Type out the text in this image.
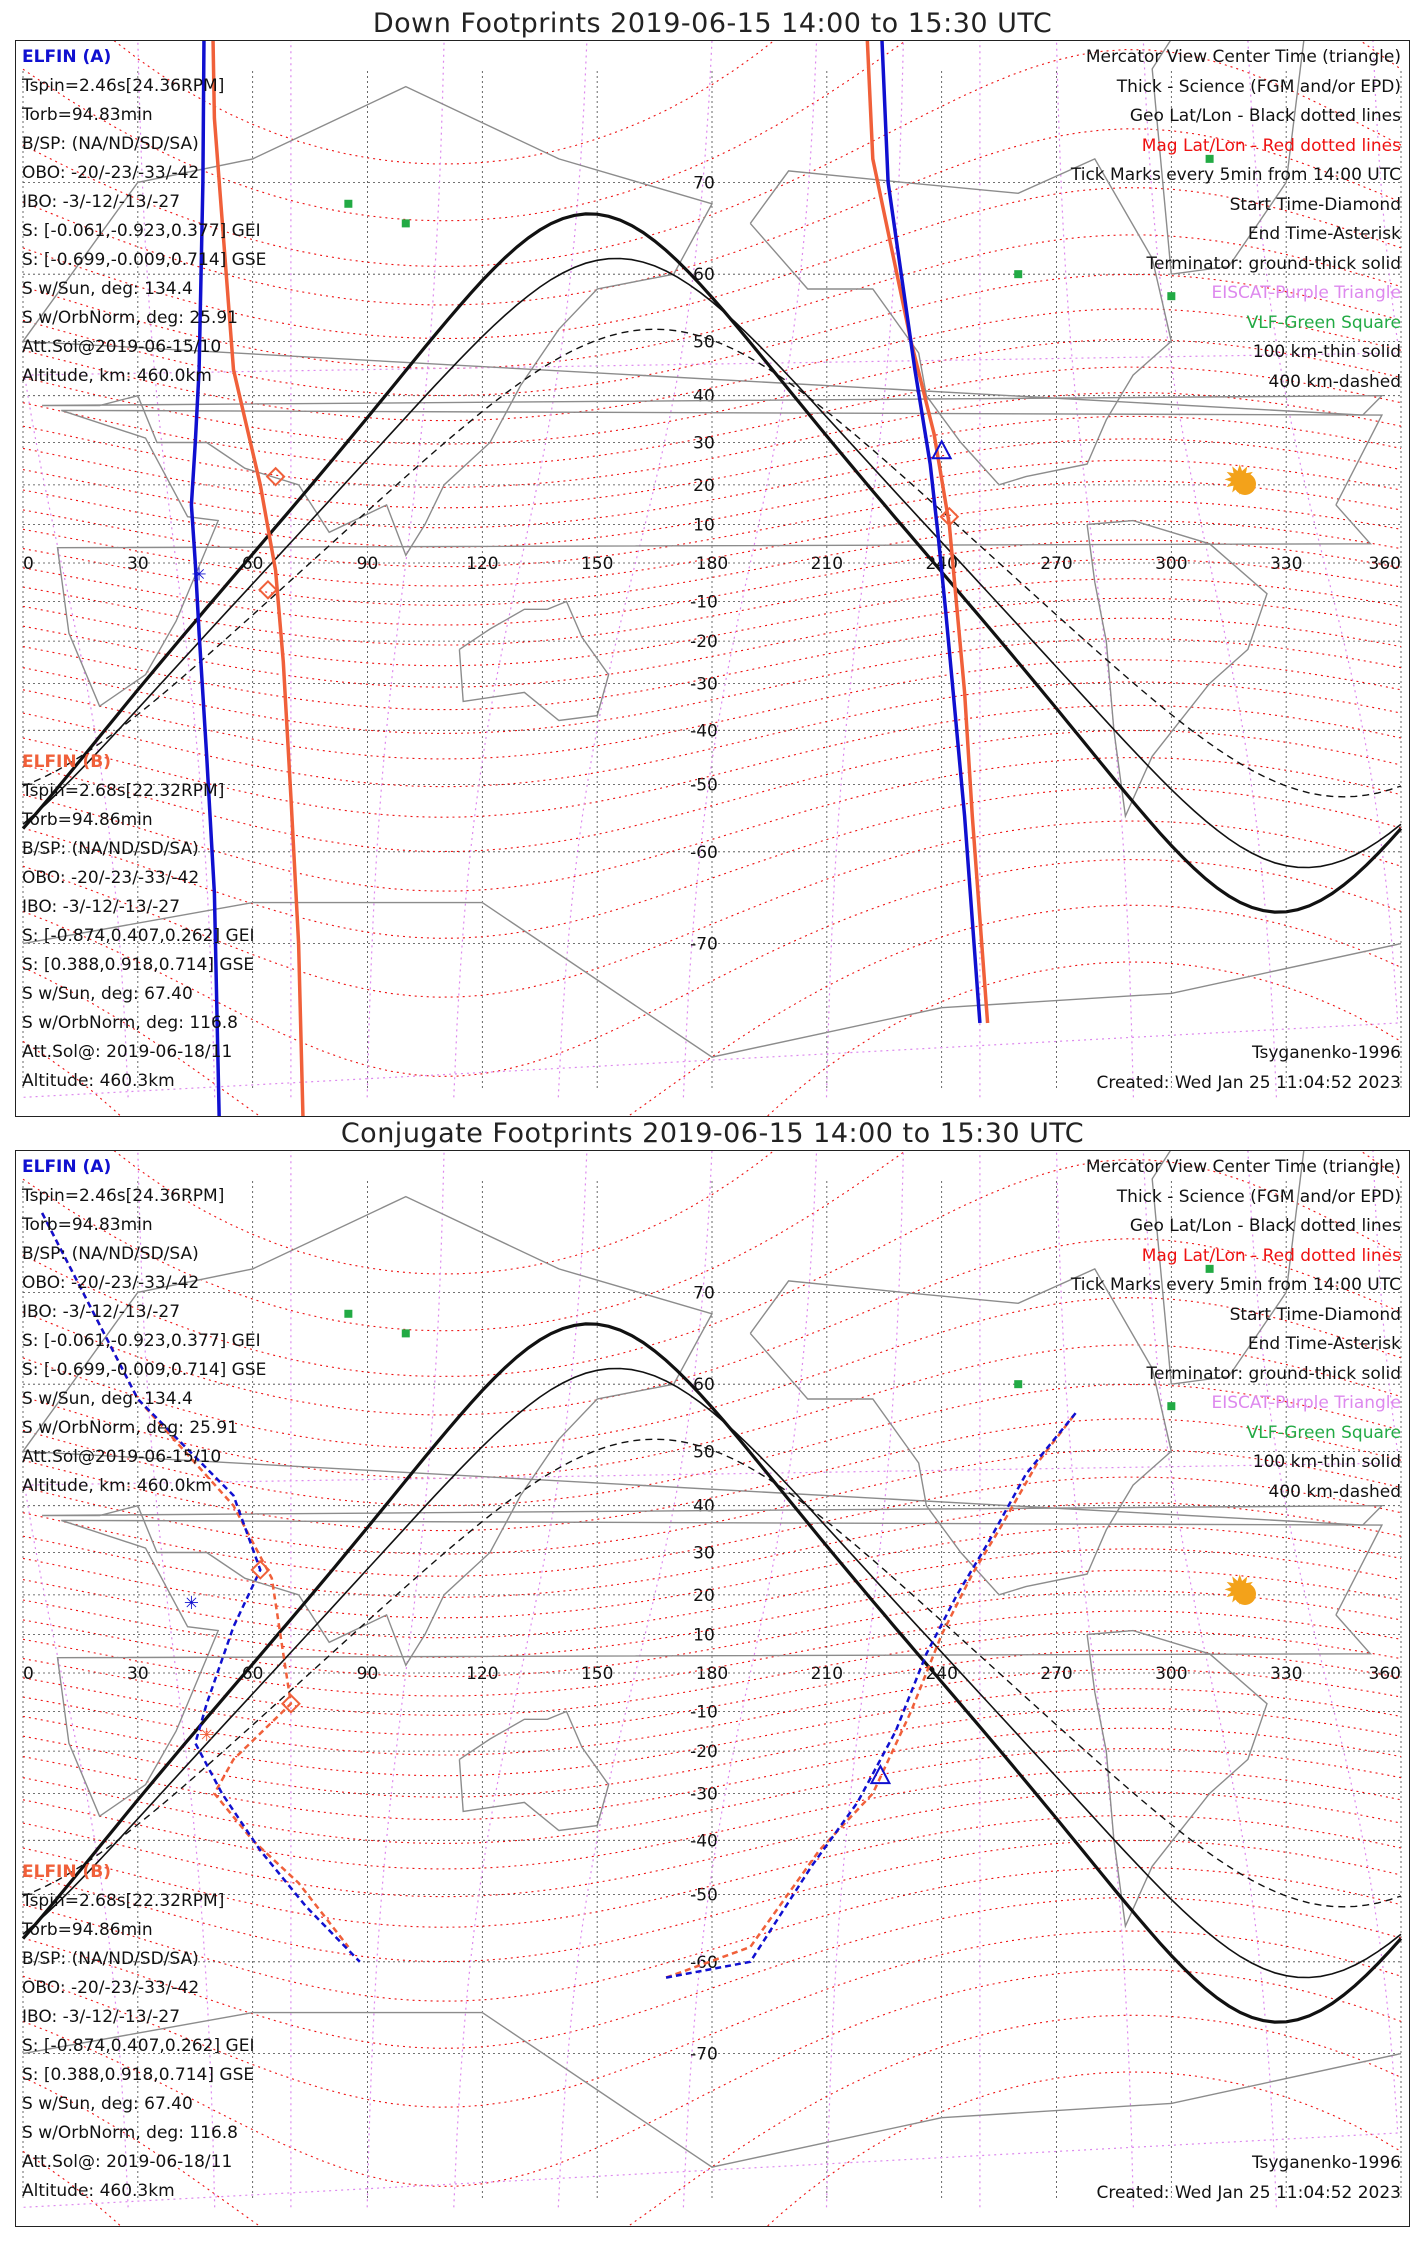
Down Footprints 2019-06-15 14:00 to 15:30 UTC
0	30	60	90	120	150	180	210	240	270	300	330	360
70
60
50
40
30
20
10
-10
-20
-30
-40
-50
-60
-70
✳
ELFIN (A)
Tspin=2.46s[24.36RPM]
Torb=94.83min
B/SP: (NA/ND/SD/SA)
OBO: -20/-23/-33/-42
IBO: -3/-12/-13/-27
S: [-0.061,-0.923,0.377] GEI
S: [-0.699,-0.009,0.714] GSE
S w/Sun, deg: 134.4
S w/OrbNorm, deg: 25.91
Att.Sol@2019-06-15/10
Altitude, km: 460.0km
ELFIN (B)
Tspin=2.68s[22.32RPM]
Torb=94.86min
B/SP: (NA/ND/SD/SA)
OBO: -20/-23/-33/-42
IBO: -3/-12/-13/-27
S: [-0.874,0.407,0.262] GEI
S: [0.388,0.918,0.714] GSE
S w/Sun, deg: 67.40
S w/OrbNorm, deg: 116.8
Att.Sol@: 2019-06-18/11
Altitude: 460.3km
Mercator View Center Time (triangle)
Thick - Science (FGM and/or EPD)
Geo Lat/Lon - Black dotted lines
Mag Lat/Lon - Red dotted lines
Tick Marks every 5min from 14:00 UTC
Start Time-Diamond
End Time-Asterisk
Terminator: ground-thick solid
EISCAT-Purple Triangle
VLF-Green Square
100 km-thin solid
400 km-dashed
✹
Tsyganenko-1996
Created: Wed Jan 25 11:04:52 2023
Conjugate Footprints 2019-06-15 14:00 to 15:30 UTC
0	30	60	90	120	150	180	210	240	270	300	330	360
70
60
50
40
30
20
10
-10
-20
-30
-40
-50
-60
-70
✳
✳
ELFIN (A)
Tspin=2.46s[24.36RPM]
Torb=94.83min
B/SP: (NA/ND/SD/SA)
OBO: -20/-23/-33/-42
IBO: -3/-12/-13/-27
S: [-0.061,-0.923,0.377] GEI
S: [-0.699,-0.009,0.714] GSE
S w/Sun, deg: 134.4
S w/OrbNorm, deg: 25.91
Att.Sol@2019-06-15/10
Altitude, km: 460.0km
ELFIN (B)
Tspin=2.68s[22.32RPM]
Torb=94.86min
B/SP: (NA/ND/SD/SA)
OBO: -20/-23/-33/-42
IBO: -3/-12/-13/-27
S: [-0.874,0.407,0.262] GEI
S: [0.388,0.918,0.714] GSE
S w/Sun, deg: 67.40
S w/OrbNorm, deg: 116.8
Att.Sol@: 2019-06-18/11
Altitude: 460.3km
Mercator View Center Time (triangle)
Thick - Science (FGM and/or EPD)
Geo Lat/Lon - Black dotted lines
Mag Lat/Lon - Red dotted lines
Tick Marks every 5min from 14:00 UTC
Start Time-Diamond
End Time-Asterisk
Terminator: ground-thick solid
EISCAT-Purple Triangle
VLF-Green Square
100 km-thin solid
400 km-dashed
✹
Tsyganenko-1996
Created: Wed Jan 25 11:04:52 2023
